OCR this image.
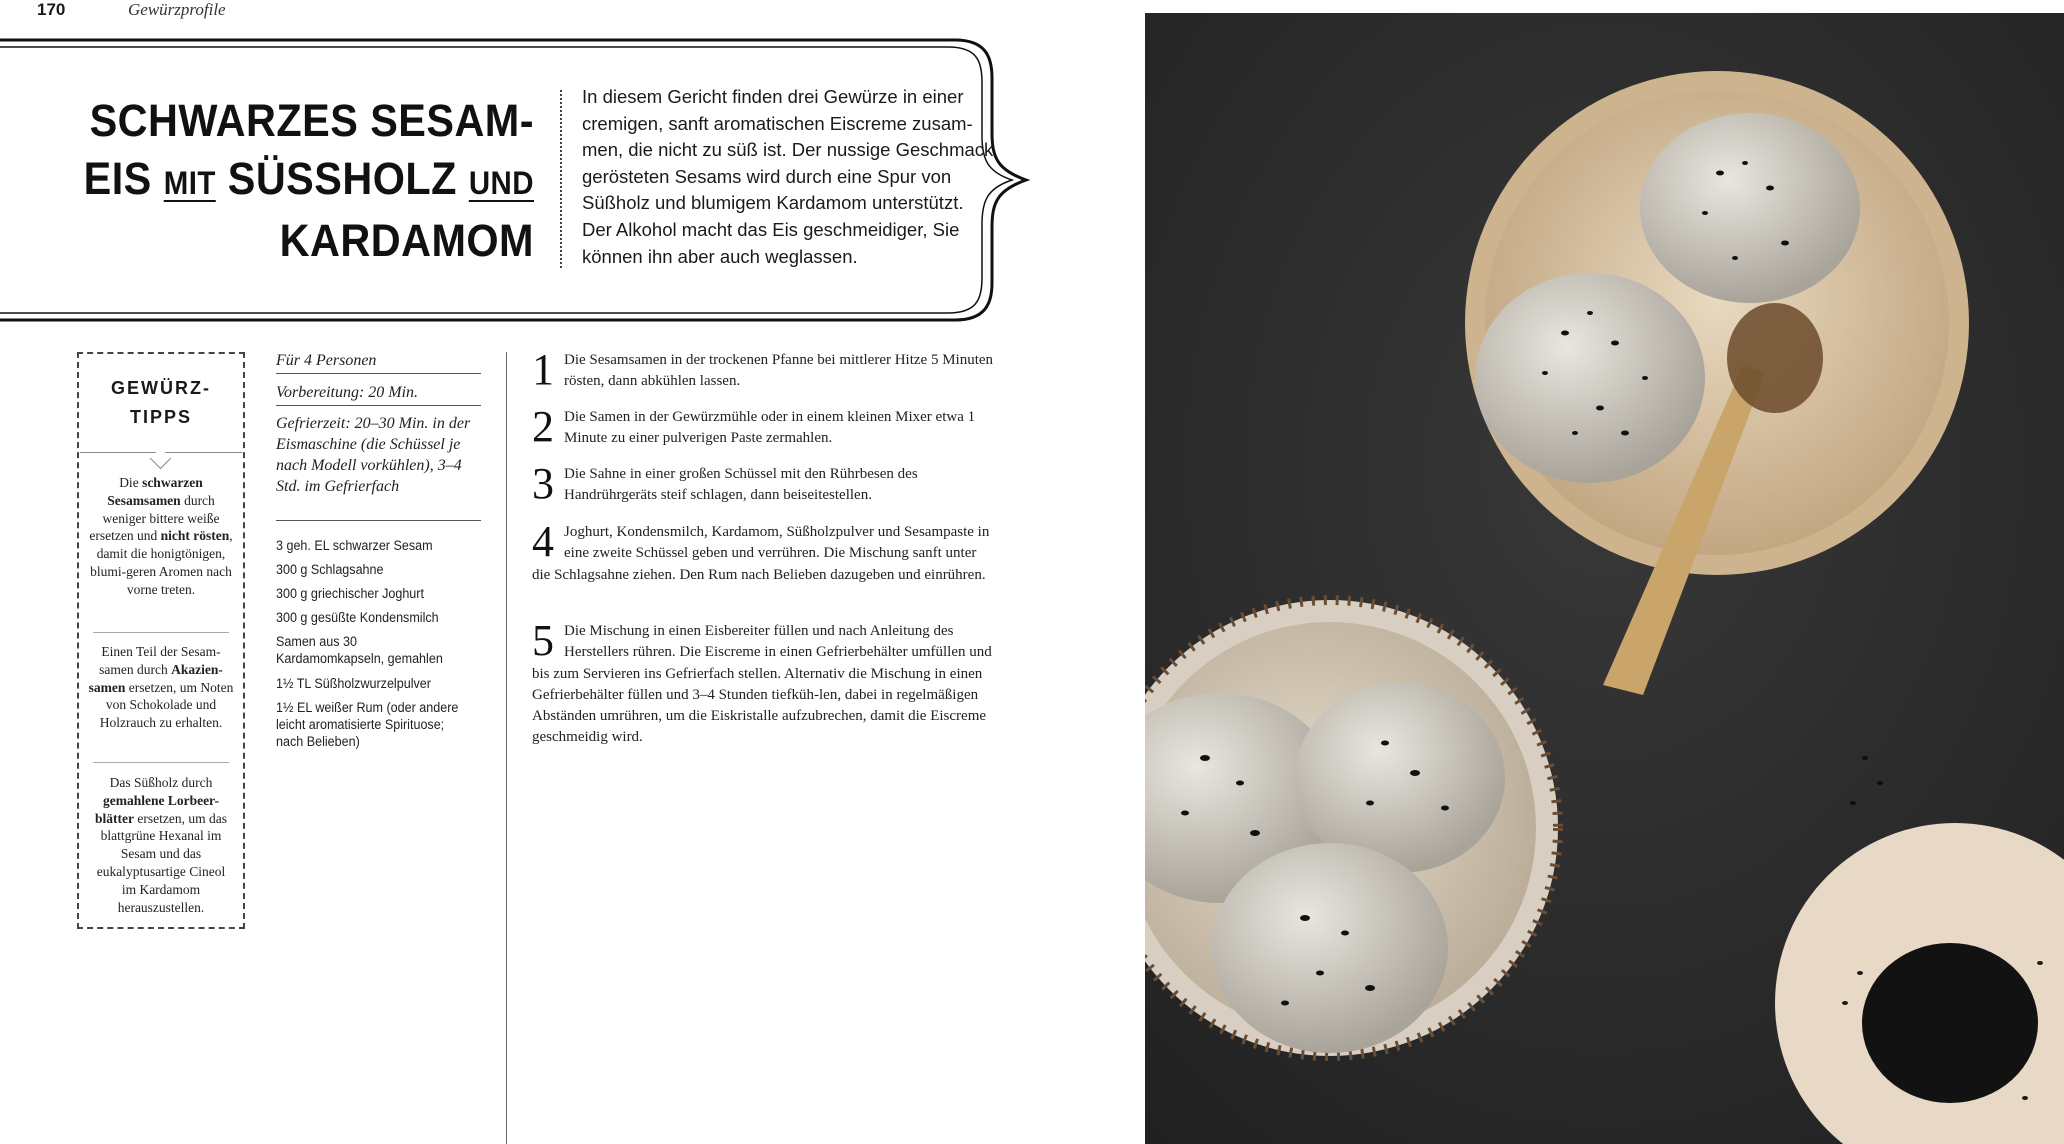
170	Gewürzprofile
SCHWARZES SESAM-
EIS MIT SÜSSHOLZ UND
KARDAMOM
In diesem Gericht finden drei Gewürze in einer
cremigen, sanft aromatischen Eiscreme zusam-
men, die nicht zu süß ist. Der nussige Geschmack
gerösteten Sesams wird durch eine Spur von
Süßholz und blumigem Kardamom unterstützt.
Der Alkohol macht das Eis geschmeidiger, Sie
können ihn aber auch weglassen.
GEWÜRZ-
TIPPS
Die schwarzen Sesamsamen durch weniger bittere weiße ersetzen und nicht rösten, damit die honigtönigen, blumi-geren Aromen nach vorne treten.
Einen Teil der Sesam-samen durch Akazien-samen ersetzen, um Noten von Schokolade und Holzrauch zu erhalten.
Das Süßholz durch gemahlene Lorbeer-blätter ersetzen, um das blattgrüne Hexanal im Sesam und das eukalyptusartige Cineol im Kardamom herauszustellen.
Für 4 Personen
Vorbereitung: 20 Min.
Gefrierzeit: 20–30 Min. in der Eismaschine (die Schüssel je nach Modell vorkühlen), 3–4 Std. im Gefrierfach
3 geh. EL schwarzer Sesam
300 g Schlagsahne
300 g griechischer Joghurt
300 g gesüßte Kondensmilch
Samen aus 30 Kardamomkapseln, gemahlen
1½ TL Süßholzwurzelpulver
1½ EL weißer Rum (oder andere leicht aromatisierte Spirituose; nach Belieben)
1 Die Sesamsamen in der trockenen Pfanne bei mittlerer Hitze 5 Minuten rösten, dann abkühlen lassen.
2 Die Samen in der Gewürzmühle oder in einem kleinen Mixer etwa 1 Minute zu einer pulverigen Paste zermahlen.
3 Die Sahne in einer großen Schüssel mit den Rührbesen des Handrührgeräts steif schlagen, dann beiseitestellen.
4 Joghurt, Kondensmilch, Kardamom, Süßholzpulver und Sesampaste in eine zweite Schüssel geben und verrühren. Die Mischung sanft unter die Schlagsahne ziehen. Den Rum nach Belieben dazugeben und einrühren.
5 Die Mischung in einen Eisbereiter füllen und nach Anleitung des Herstellers rühren. Die Eiscreme in einen Gefrierbehälter umfüllen und bis zum Servieren ins Gefrierfach stellen. Alternativ die Mischung in einen Gefrierbehälter füllen und 3–4 Stunden tiefküh-len, dabei in regelmäßigen Abständen umrühren, um die Eiskristalle aufzubrechen, damit die Eiscreme geschmeidig wird.
